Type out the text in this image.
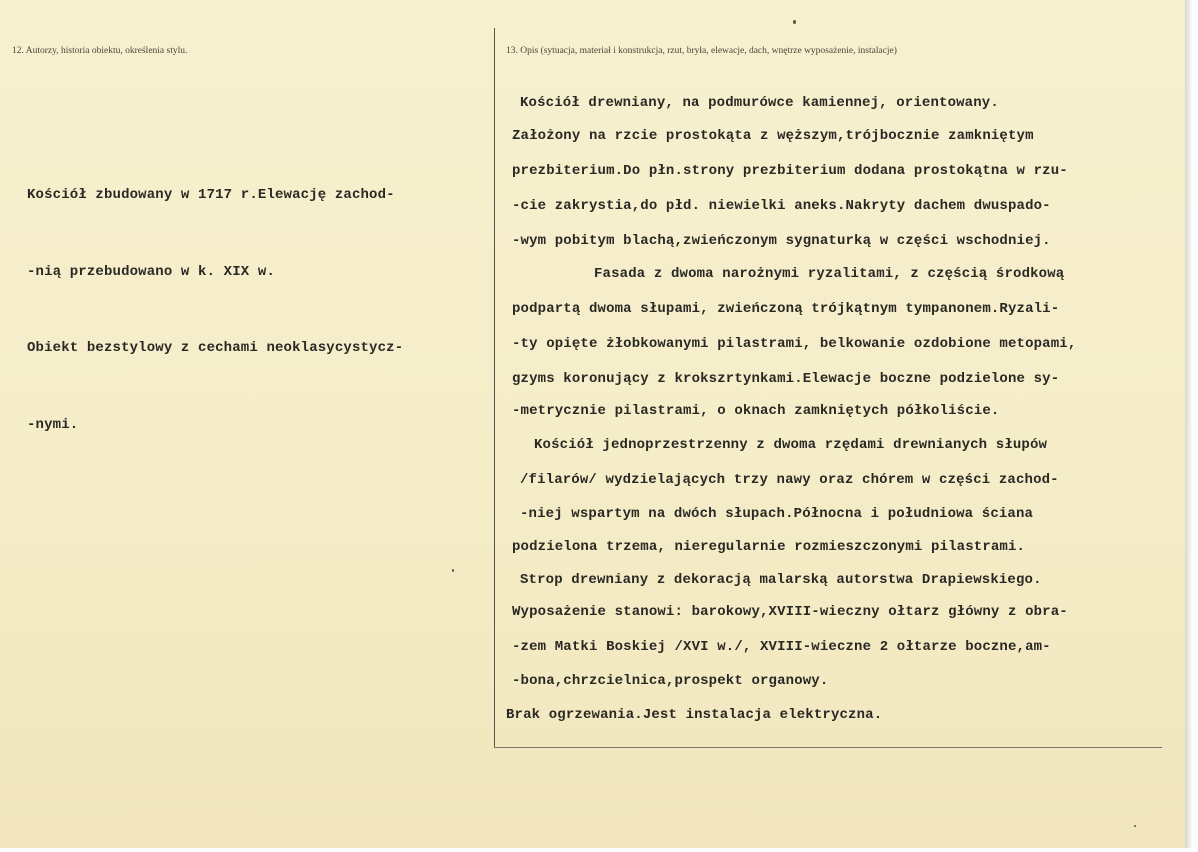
12. Autorzy, historia obiektu, określenia stylu.	13. Opis (sytuacja, materiał i konstrukcja, rzut, bryła, elewacje, dach, wnętrze wyposażenie, instalacje)

Kościół zbudowany w 1717 r.Elewację zachod-

-nią przebudowano w k. XIX w.

Obiekt bezstylowy z cechami neoklasycystycz-

-nymi.

Kościół drewniany, na podmurówce kamiennej, orientowany.
Założony na rzcie prostokąta z węższym,trójbocznie zamkniętym
prezbiterium.Do płn.strony prezbiterium dodana prostokątna w rzu-
-cie zakrystia,do płd. niewielki aneks.Nakryty dachem dwuspado-
-wym pobitym blachą,zwieńczonym sygnaturką w części wschodniej.
Fasada z dwoma narożnymi ryzalitami, z częścią środkową
podpartą dwoma słupami, zwieńczoną trójkątnym tympanonem.Ryzali-
-ty opięte żłobkowanymi pilastrami, belkowanie ozdobione metopami,
gzyms koronujący z krokszrtynkami.Elewacje boczne podzielone sy-
-metrycznie pilastrami, o oknach zamkniętych półkoliście.
Kościół jednoprzestrzenny z dwoma rzędami drewnianych słupów
/filarów/ wydzielających trzy nawy oraz chórem w części zachod-
-niej wspartym na dwóch słupach.Północna i południowa ściana
podzielona trzema, nieregularnie rozmieszczonymi pilastrami.
Strop drewniany z dekoracją malarską autorstwa Drapiewskiego.
Wyposażenie stanowi: barokowy,XVIII-wieczny ołtarz główny z obra-
-zem Matki Boskiej /XVI w./, XVIII-wieczne 2 ołtarze boczne,am-
-bona,chrzcielnica,prospekt organowy.
Brak ogrzewania.Jest instalacja elektryczna.
